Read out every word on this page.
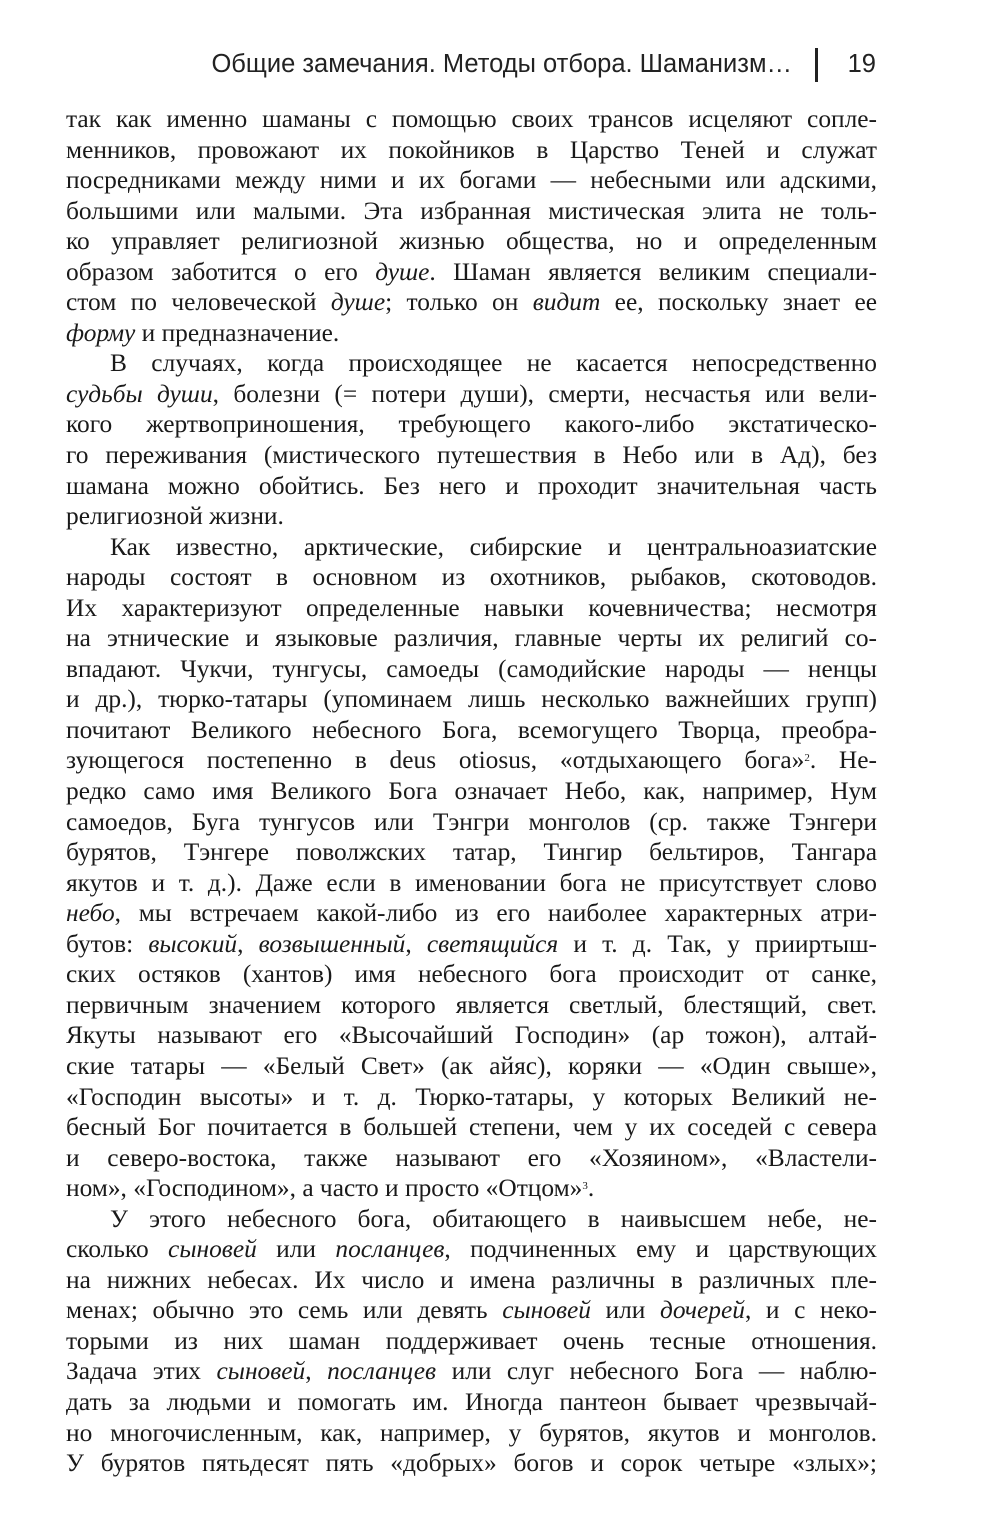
Общие замечания. Методы отбора. Шаманизм… 19
так как именно шаманы с помощью своих трансов исцеляют сопле-
менников, провожают их покойников в Царство Теней и служат
посредниками между ними и их богами — небесными или адскими,
большими или малыми. Эта избранная мистическая элита не толь-
ко управляет религиозной жизнью общества, но и определенным
образом заботится о его душе. Шаман является великим специали-
стом по человеческой душе; только он видит ее, поскольку знает ее
форму и предназначение.
В случаях, когда происходящее не касается непосредственно
судьбы души, болезни (= потери души), смерти, несчастья или вели-
кого жертвоприношения, требующего какого-либо экстатическо-
го переживания (мистического путешествия в Небо или в Ад), без
шамана можно обойтись. Без него и проходит значительная часть
религиозной жизни.
Как известно, арктические, сибирские и центральноазиатские
народы состоят в основном из охотников, рыбаков, скотоводов.
Их характеризуют определенные навыки кочевничества; несмотря
на этнические и языковые различия, главные черты их религий со-
впадают. Чукчи, тунгусы, самоеды (самодийские народы — ненцы
и др.), тюрко-татары (упоминаем лишь несколько важнейших групп)
почитают Великого небесного Бога, всемогущего Творца, преобра-
зующегося постепенно в deus otiosus, «отдыхающего бога»$^2$. Не-
редко само имя Великого Бога означает Небо, как, например, Нум
самоедов, Буга тунгусов или Тэнгри монголов (ср. также Тэнгери
бурятов, Тэнгере поволжских татар, Тингир бельтиров, Тангара
якутов и т. д.). Даже если в именовании бога не присутствует слово
небо, мы встречаем какой-либо из его наиболее характерных атри-
бутов: высокий, возвышенный, светящийся и т. д. Так, у прииртыш-
ских остяков (хантов) имя небесного бога происходит от санке,
первичным значением которого является светлый, блестящий, свет.
Якуты называют его «Высочайший Господин» (ар тожон), алтай-
ские татары — «Белый Свет» (ак айяс), коряки — «Один свыше»,
«Господин высоты» и т. д. Тюрко-татары, у которых Великий не-
бесный Бог почитается в большей степени, чем у их соседей с севера
и северо-востока, также называют его «Хозяином», «Властели-
ном», «Господином», а часто и просто «Отцом»$^3$.
У этого небесного бога, обитающего в наивысшем небе, не-
сколько сыновей или посланцев, подчиненных ему и царствующих
на нижних небесах. Их число и имена различны в различных пле-
менах; обычно это семь или девять сыновей или дочерей, и с неко-
торыми из них шаман поддерживает очень тесные отношения.
Задача этих сыновей, посланцев или слуг небесного Бога — наблю-
дать за людьми и помогать им. Иногда пантеон бывает чрезвычай-
но многочисленным, как, например, у бурятов, якутов и монголов.
У бурятов пятьдесят пять «добрых» богов и сорок четыре «злых»;
